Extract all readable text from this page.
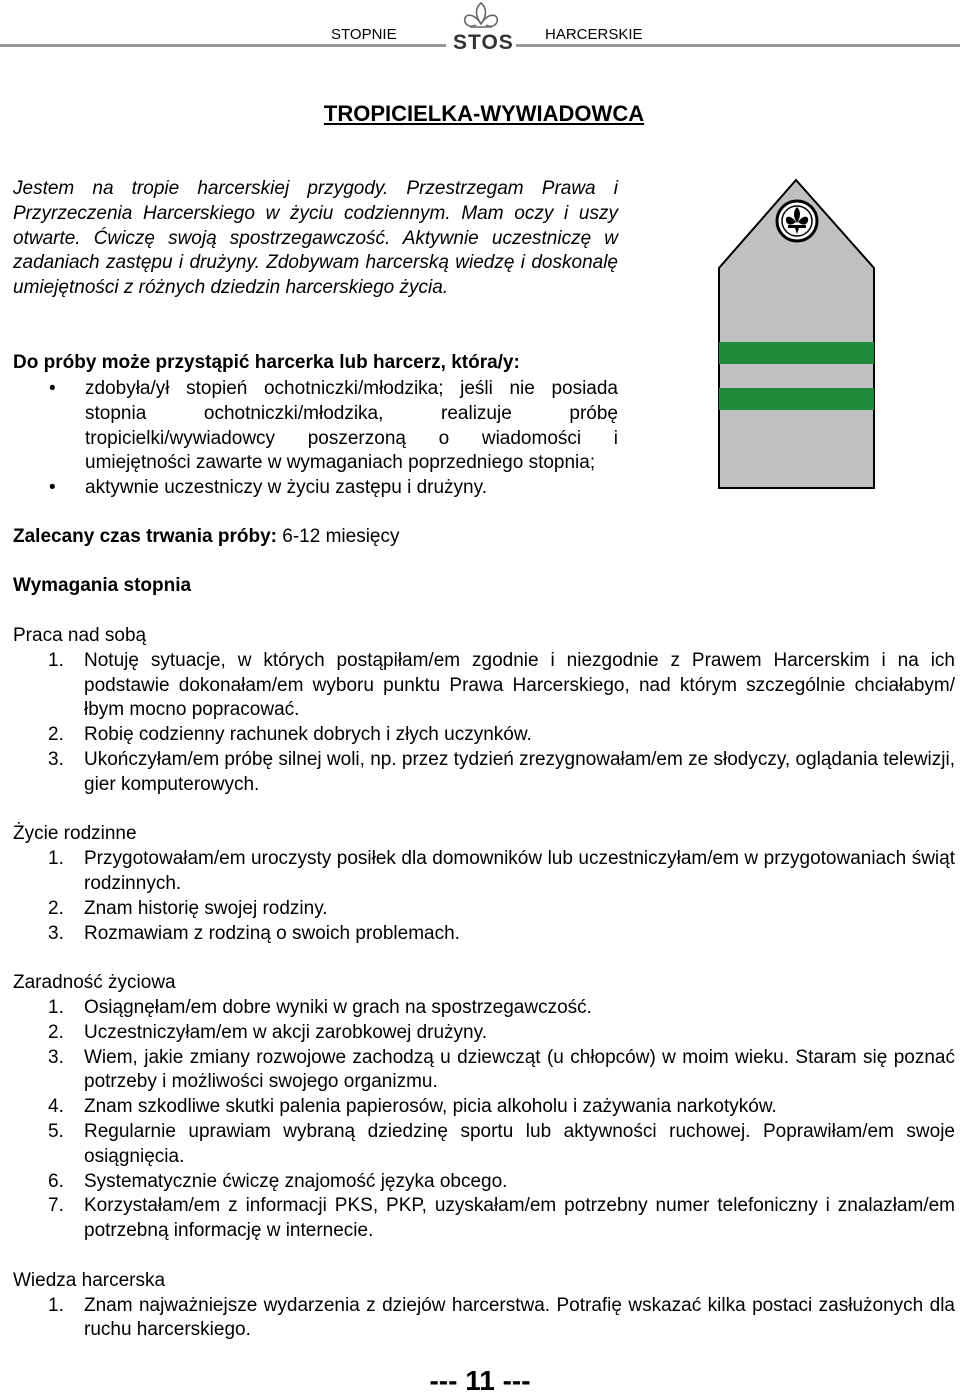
STOPNIE	STOS HARCERSKIE
TROPICIELKA-WYWIADOWCA

Jestem na tropie harcerskiej przygody. Przestrzegam Prawa i Przyrzeczenia Harcerskiego w życiu codziennym. Mam oczy i uszy otwarte. Ćwiczę swoją spostrzegawczość. Aktywnie uczestniczę w zadaniach zastępu i drużyny. Zdobywam harcerską wiedzę i doskonalę umiejętności z różnych dziedzin harcerskiego życia.

Do próby może przystąpić harcerka lub harcerz, która/y:
• zdobyła/ył stopień ochotniczki/młodzika; jeśli nie posiada stopnia ochotniczki/młodzika, realizuje próbę tropicielki/wywiadowcy poszerzoną o wiadomości i umiejętności zawarte w wymaganiach poprzedniego stopnia;
• aktywnie uczestniczy w życiu zastępu i drużyny.
Zalecany czas trwania próby: 6-12 miesięcy
Wymagania stopnia
Praca nad sobą
1. Notuję sytuacje, w których postąpiłam/em zgodnie i niezgodnie z Prawem Harcerskim i na ich podstawie dokonałam/em wyboru punktu Prawa Harcerskiego, nad którym szczególnie chciałabym/łbym mocno popracować.
2. Robię codzienny rachunek dobrych i złych uczynków.
3. Ukończyłam/em próbę silnej woli, np. przez tydzień zrezygnowałam/em ze słodyczy, oglądania telewizji, gier komputerowych.
Życie rodzinne
1. Przygotowałam/em uroczysty posiłek dla domowników lub uczestniczyłam/em w przygotowaniach świąt rodzinnych.
2. Znam historię swojej rodziny.
3. Rozmawiam z rodziną o swoich problemach.
Zaradność życiowa
1. Osiągnęłam/em dobre wyniki w grach na spostrzegawczość.
2. Uczestniczyłam/em w akcji zarobkowej drużyny.
3. Wiem, jakie zmiany rozwojowe zachodzą u dziewcząt (u chłopców) w moim wieku. Staram się poznać potrzeby i możliwości swojego organizmu.
4. Znam szkodliwe skutki palenia papierosów, picia alkoholu i zażywania narkotyków.
5. Regularnie uprawiam wybraną dziedzinę sportu lub aktywności ruchowej. Poprawiłam/em swoje osiągnięcia.
6. Systematycznie ćwiczę znajomość języka obcego.
7. Korzystałam/em z informacji PKS, PKP, uzyskałam/em potrzebny numer telefoniczny i znalazłam/em potrzebną informację w internecie.
Wiedza harcerska
1. Znam najważniejsze wydarzenia z dziejów harcerstwa. Potrafię wskazać kilka postaci zasłużonych dla ruchu harcerskiego.
--- 11 ---
